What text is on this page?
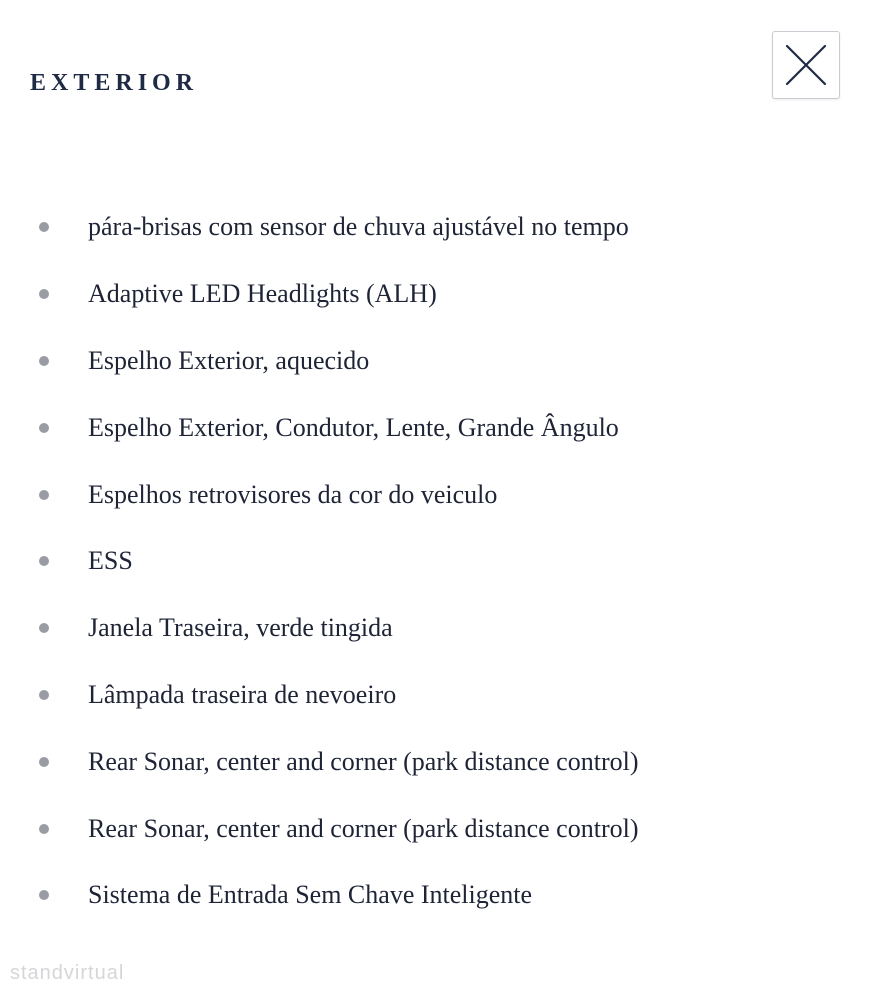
EXTERIOR
pára-brisas com sensor de chuva ajustável no tempo
Adaptive LED Headlights (ALH)
Espelho Exterior, aquecido
Espelho Exterior, Condutor, Lente, Grande Ângulo
Espelhos retrovisores da cor do veiculo
ESS
Janela Traseira, verde tingida
Lâmpada traseira de nevoeiro
Rear Sonar, center and corner (park distance control)
Rear Sonar, center and corner (park distance control)
Sistema de Entrada Sem Chave Inteligente
standvirtual
